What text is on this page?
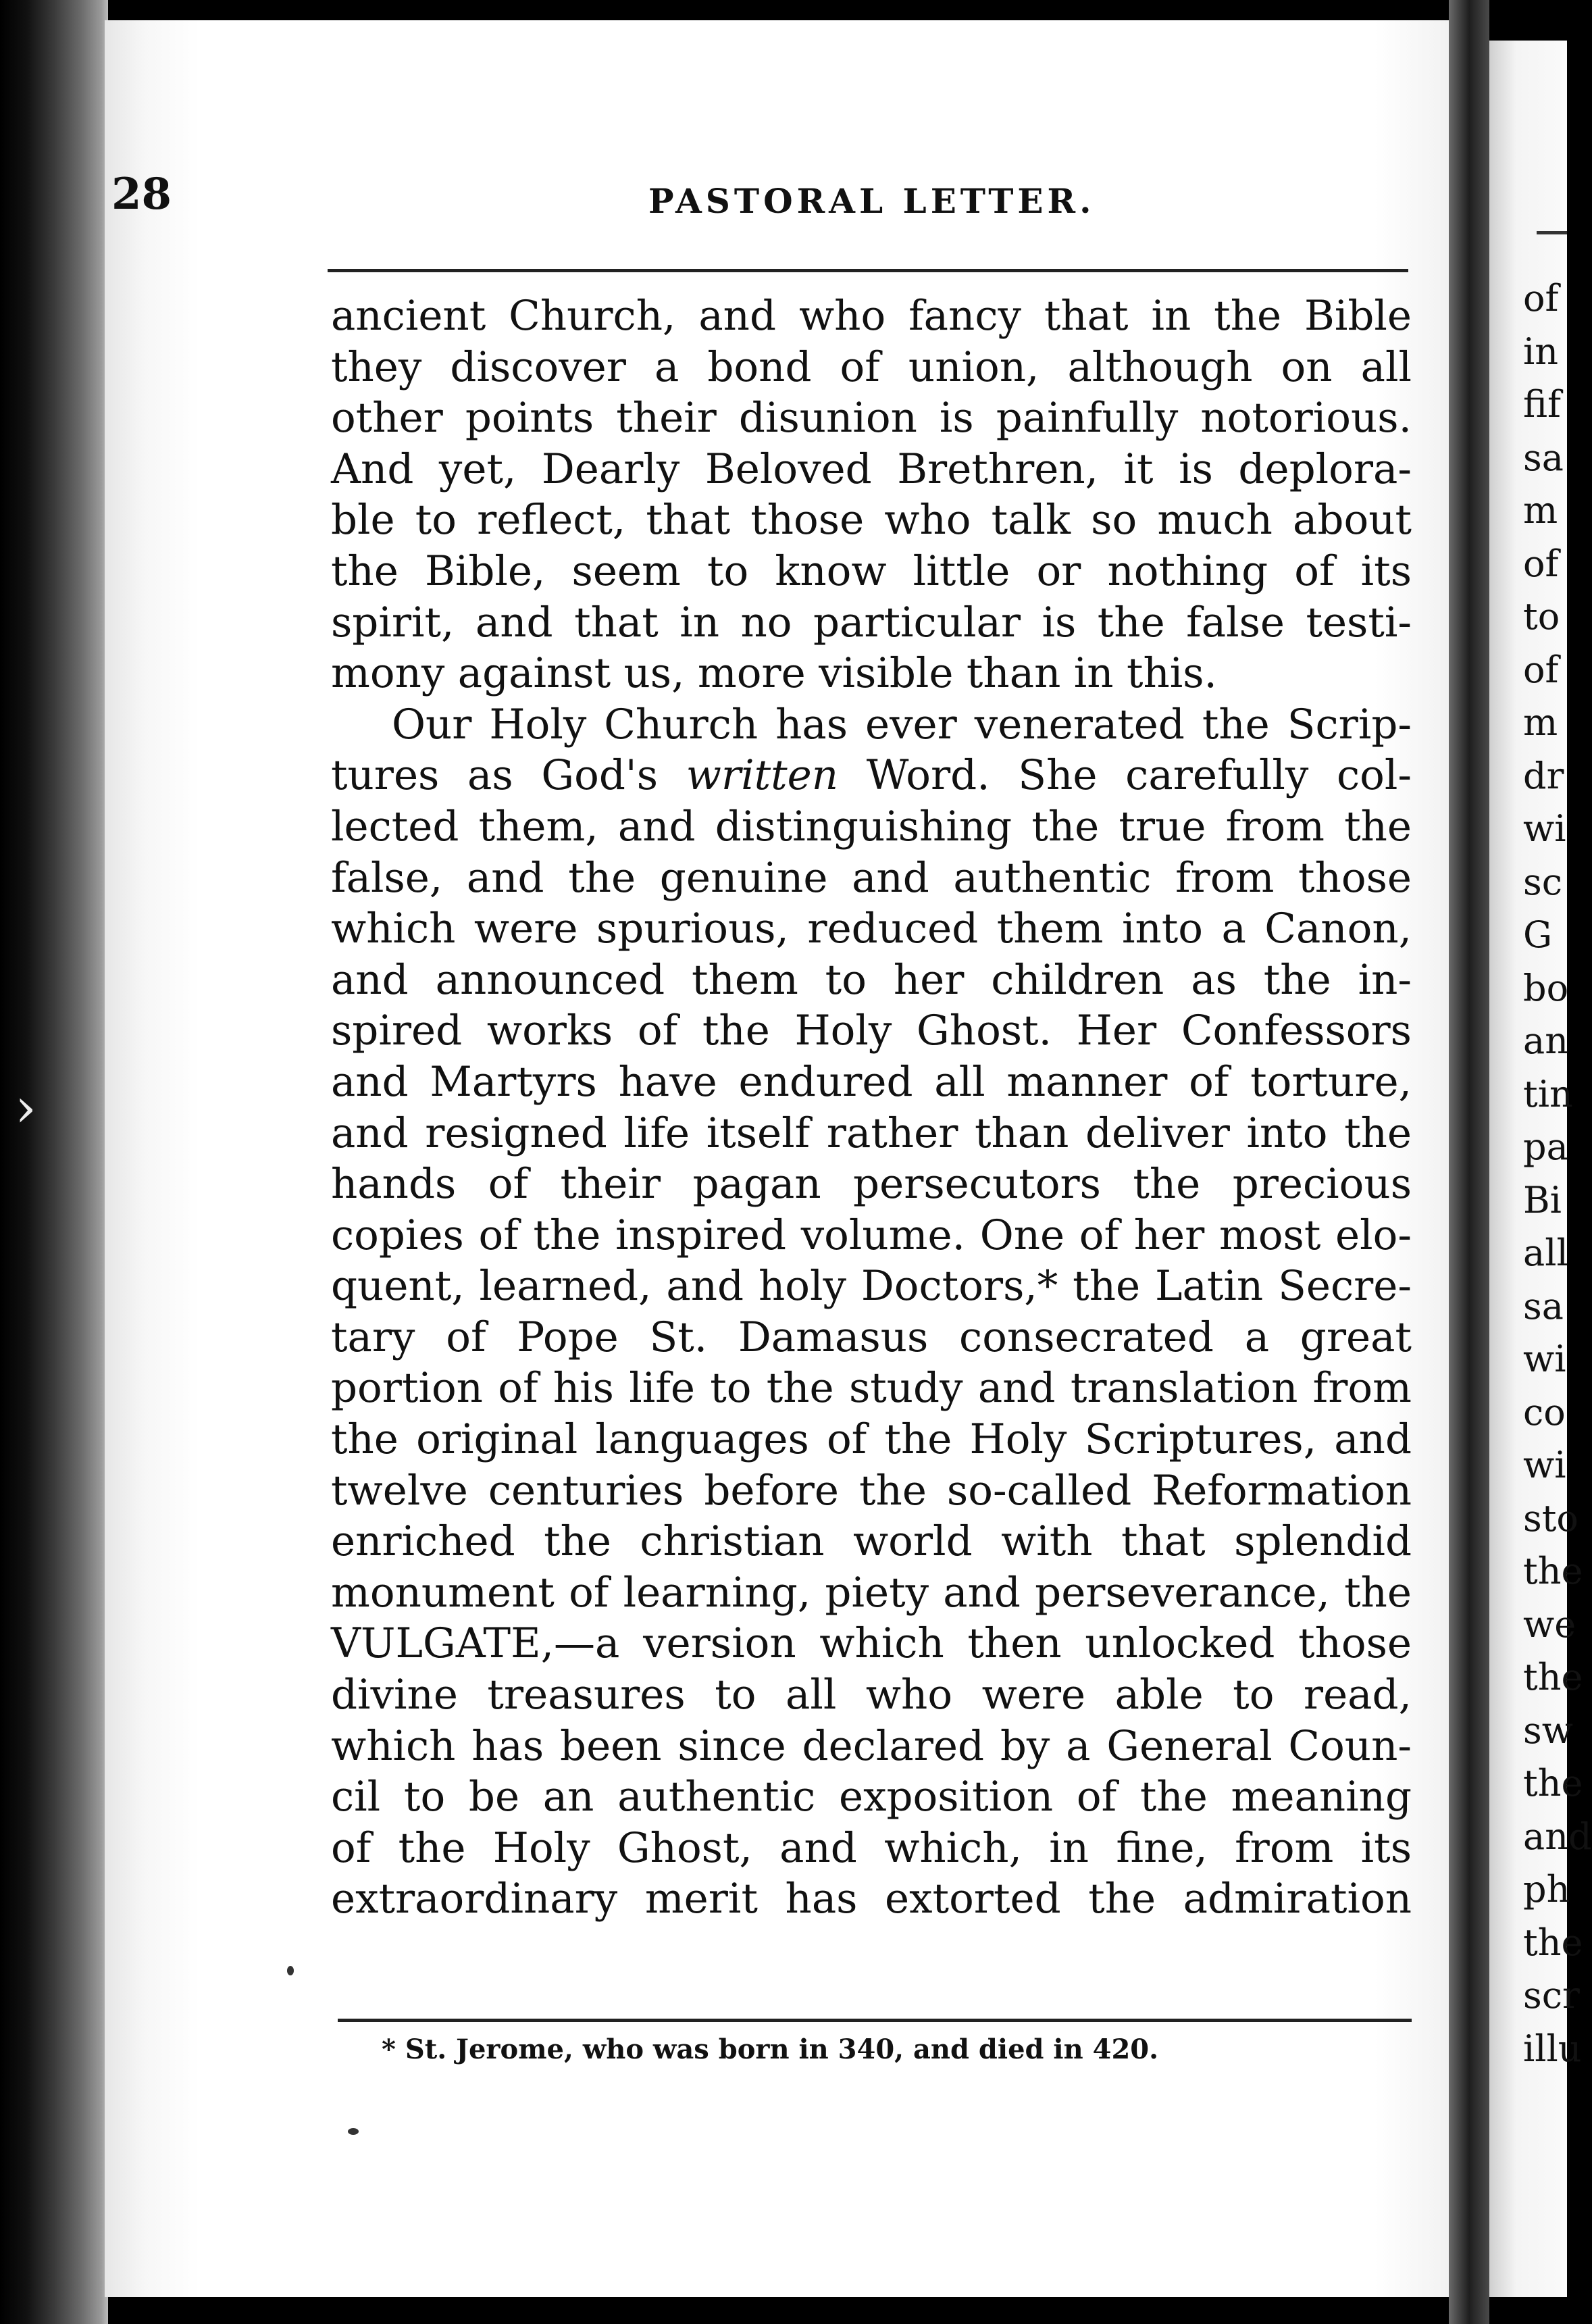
›
28	PASTORAL LETTER.
ancient Church, and who fancy that in the Bible
they discover a bond of union, although on all
other points their disunion is painfully notorious.
And yet, Dearly Beloved Brethren, it is deplora-
ble to reflect, that those who talk so much about
the Bible, seem to know little or nothing of its
spirit, and that in no particular is the false testi-
mony against us, more visible than in this.
Our Holy Church has ever venerated the Scrip-
tures as God's written Word. She carefully col-
lected them, and distinguishing the true from the
false, and the genuine and authentic from those
which were spurious, reduced them into a Canon,
and announced them to her children as the in-
spired works of the Holy Ghost. Her Confessors
and Martyrs have endured all manner of torture,
and resigned life itself rather than deliver into the
hands of their pagan persecutors the precious
copies of the inspired volume. One of her most elo-
quent, learned, and holy Doctors,* the Latin Secre-
tary of Pope St. Damasus consecrated a great
portion of his life to the study and translation from
the original languages of the Holy Scriptures, and
twelve centuries before the so-called Reformation
enriched the christian world with that splendid
monument of learning, piety and perseverance, the
VULGATE,—a version which then unlocked those
divine treasures to all who were able to read,
which has been since declared by a General Coun-
cil to be an authentic exposition of the meaning
of the Holy Ghost, and which, in fine, from its
extraordinary merit has extorted the admiration
* St. Jerome, who was born in 340, and died in 420.
of
in
fif
sa
m
of
to
of
m
dr
wi
sc
G
bo
an
tin
pa
Bi
all
sa
wi
co
wi
sto
the
we
the
sw
the
and
ph
the
scr
illu
